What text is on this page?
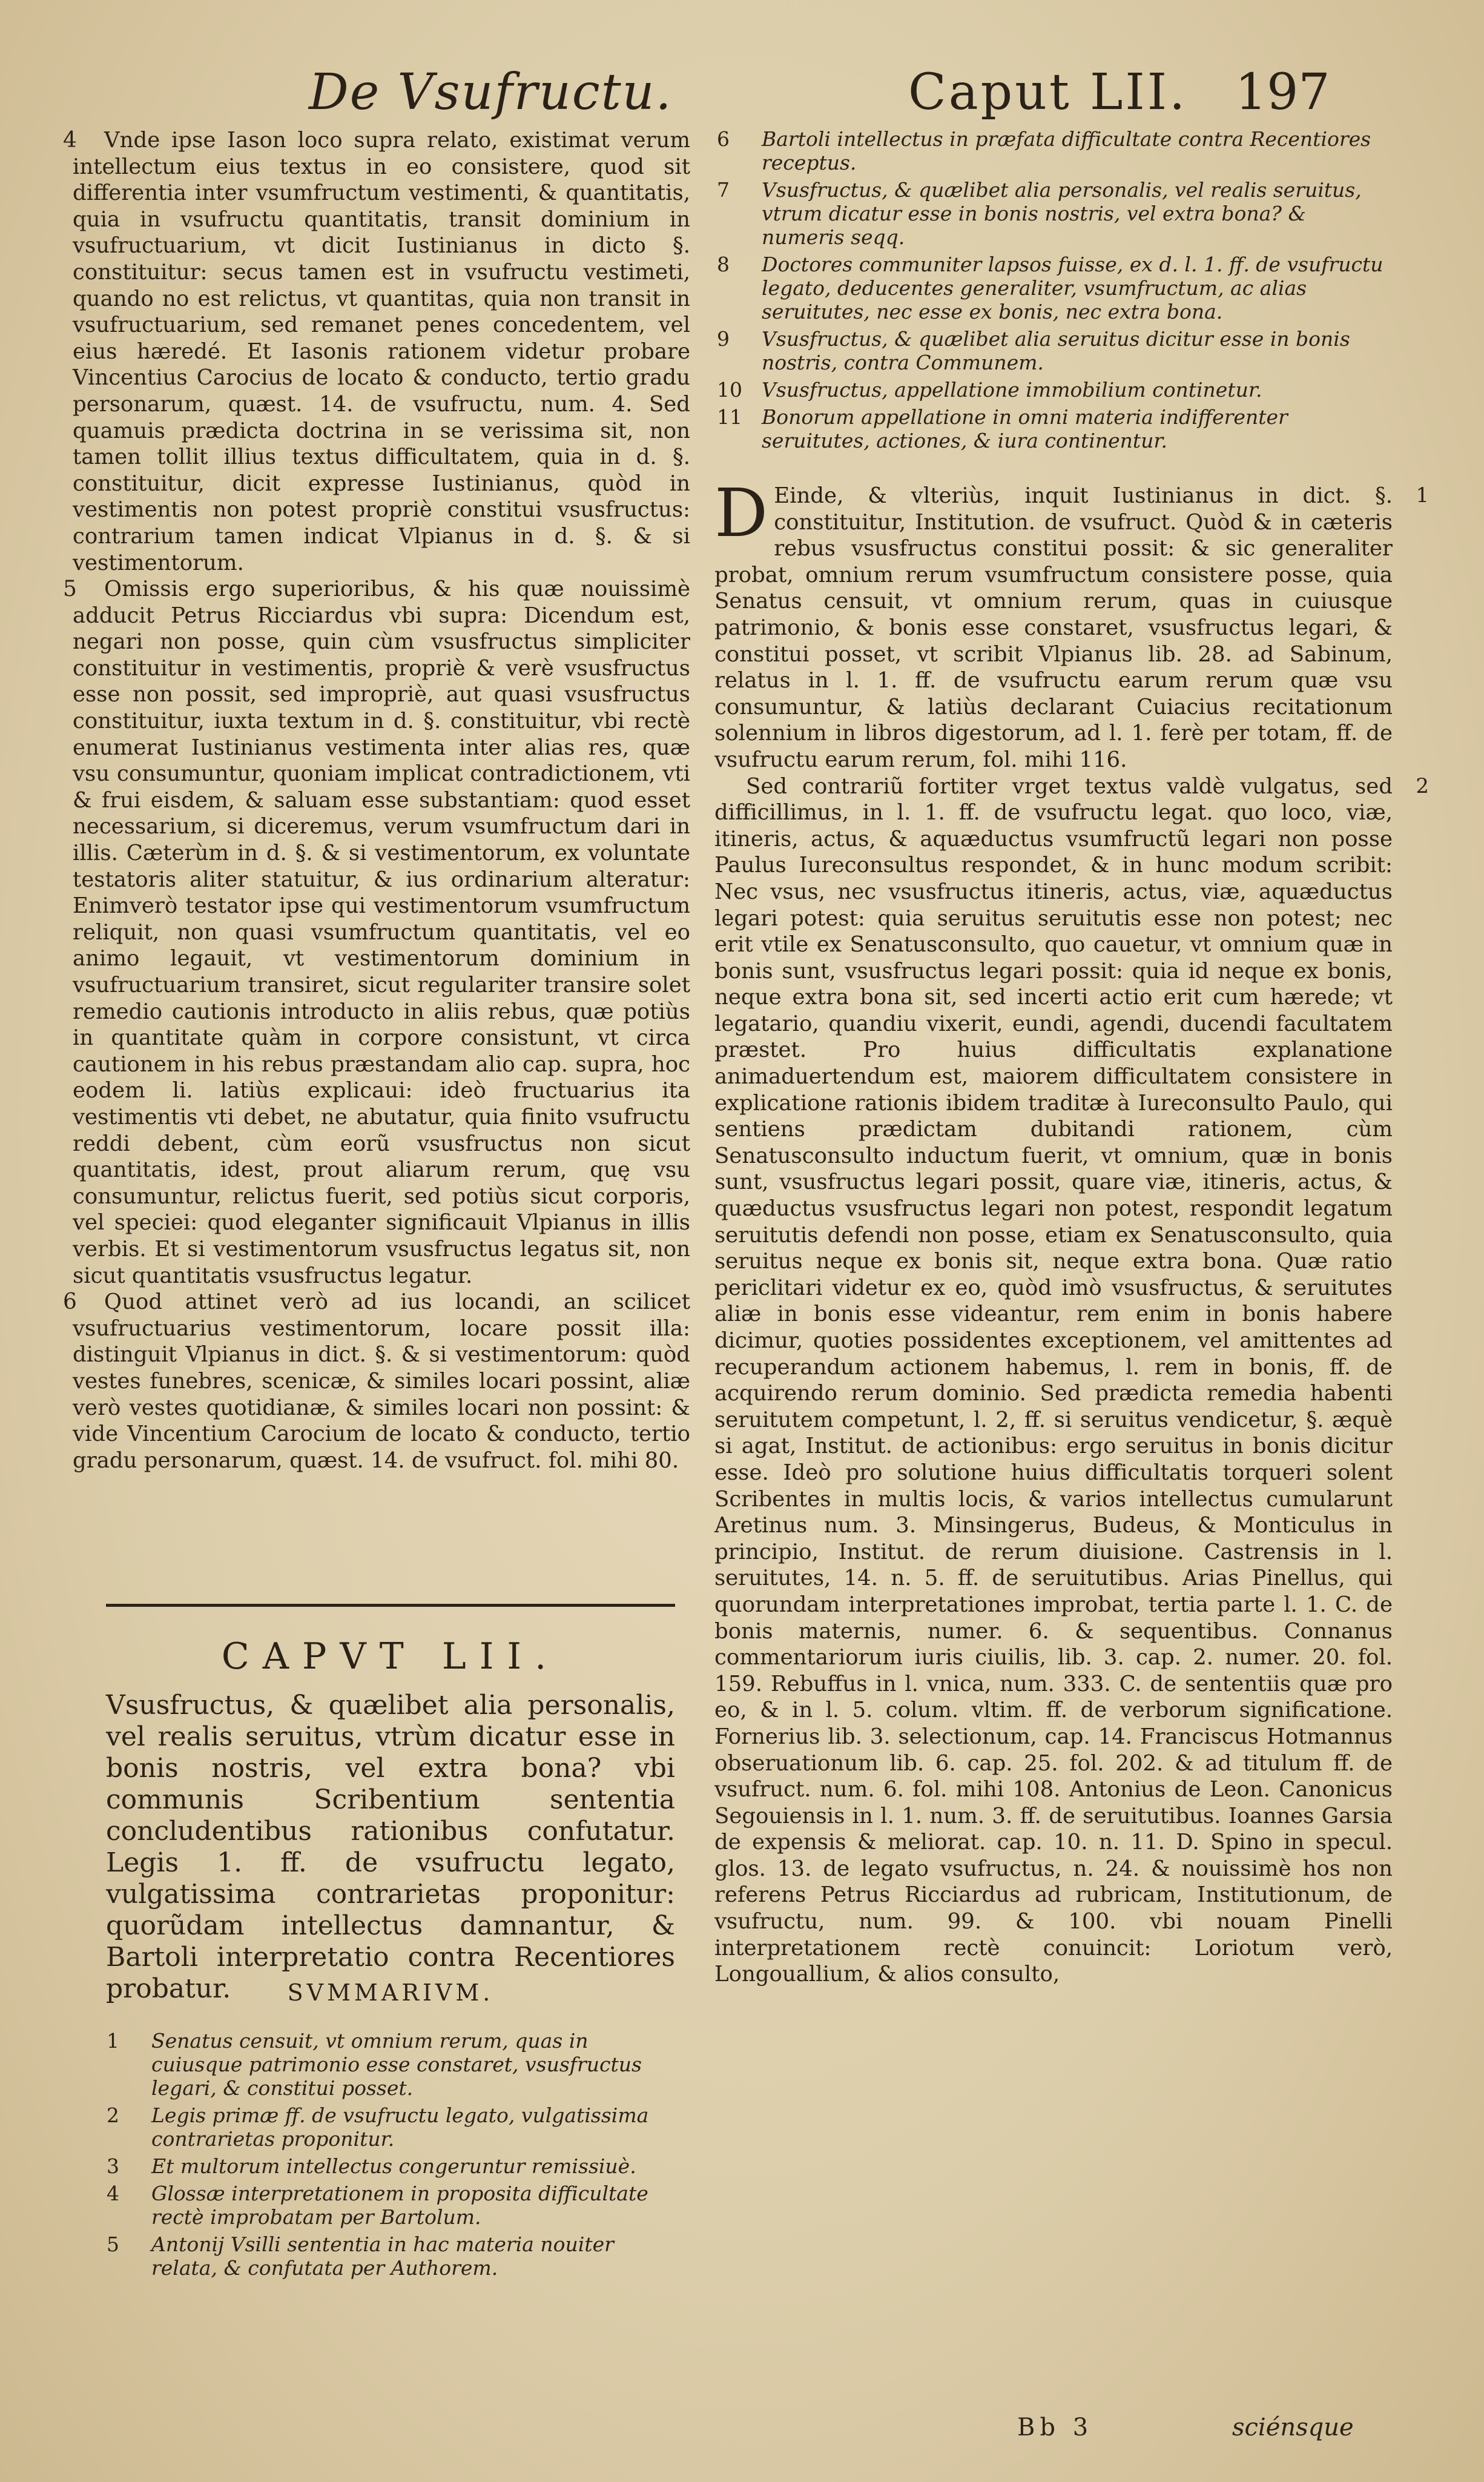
De Vsufructu.	Caput LII. 197
4 Vnde ipse Iason loco supra relato, existimat verum intellectum eius textus in eo consistere, quod sit differentia inter vsumfructum vestimenti, & quantitatis, quia in vsufructu quantitatis, transit dominium in vsufructuarium, vt dicit Iustinianus in dicto §. constituitur: secus tamen est in vsufructu vestimeti, quando no est relictus, vt quantitas, quia non transit in vsufructuarium, sed remanet penes concedentem, vel eius hæredé. Et Iasonis rationem videtur probare Vincentius Carocius de locato & conducto, tertio gradu personarum, quæst. 14. de vsufructu, num. 4. Sed quamuis prædicta doctrina in se verissima sit, non tamen tollit illius textus difficultatem, quia in d. §. constituitur, dicit expresse Iustinianus, quòd in vestimentis non potest propriè constitui vsusfructus: contrarium tamen indicat Vlpianus in d. §. & si vestimentorum.
5 Omissis ergo superioribus, & his quæ nouissimè adducit Petrus Ricciardus vbi supra: Dicendum est, negari non posse, quin cùm vsusfructus simpliciter constituitur in vestimentis, propriè & verè vsusfructus esse non possit, sed impropriè, aut quasi vsusfructus constituitur, iuxta textum in d. §. constituitur, vbi rectè enumerat Iustinianus vestimenta inter alias res, quæ vsu consumuntur, quoniam implicat contradictionem, vti & frui eisdem, & saluam esse substantiam: quod esset necessarium, si diceremus, verum vsumfructum dari in illis. Cæterùm in d. §. & si vestimentorum, ex voluntate testatoris aliter statuitur, & ius ordinarium alteratur: Enimverò testator ipse qui vestimentorum vsumfructum reliquit, non quasi vsumfructum quantitatis, vel eo animo legauit, vt vestimentorum dominium in vsufructuarium transiret, sicut regulariter transire solet remedio cautionis introducto in aliis rebus, quæ potiùs in quantitate quàm in corpore consistunt, vt circa cautionem in his rebus præstandam alio cap. supra, hoc eodem li. latiùs explicaui: ideò fructuarius ita vestimentis vti debet, ne abutatur, quia finito vsufructu reddi debent, cùm eorũ vsusfructus non sicut quantitatis, idest, prout aliarum rerum, quę vsu consumuntur, relictus fuerit, sed potiùs sicut corporis, vel speciei: quod eleganter significauit Vlpianus in illis verbis. Et si vestimentorum vsusfructus legatus sit, non sicut quantitatis vsusfructus legatur.
6 Quod attinet verò ad ius locandi, an scilicet vsufructuarius vestimentorum, locare possit illa: distinguit Vlpianus in dict. §. & si vestimentorum: quòd vestes funebres, scenicæ, & similes locari possint, aliæ verò vestes quotidianæ, & similes locari non possint: & vide Vincentium Carocium de locato & conducto, tertio gradu personarum, quæst. 14. de vsufruct. fol. mihi 80.
CAPVT LII.

Vsusfructus, & quælibet alia personalis, vel realis seruitus, vtrùm dicatur esse in bonis nostris, vel extra bona? vbi communis Scribentium sententia concludentibus rationibus confutatur. Legis 1. ff. de vsufructu legato, vulgatissima contrarietas proponitur: quorũdam intellectus damnantur, & Bartoli interpretatio contra Recentiores probatur.	SVMMARIVM.
1 Senatus censuit, vt omnium rerum, quas in cuiusque patrimonio esse constaret, vsusfructus legari, & constitui posset.
2 Legis primæ ff. de vsufructu legato, vulgatissima contrarietas proponitur.
3 Et multorum intellectus congeruntur remissiuè.
4 Glossæ interpretationem in proposita difficultate rectè improbatam per Bartolum.
5 Antonij Vsilli sententia in hac materia nouiter relata, & confutata per Authorem.
6 Bartoli intellectus in præfata difficultate contra Recentiores receptus.
7 Vsusfructus, & quælibet alia personalis, vel realis seruitus, vtrum dicatur esse in bonis nostris, vel extra bona? & numeris seqq.
8 Doctores communiter lapsos fuisse, ex d. l. 1. ff. de vsufructu legato, deducentes generaliter, vsumfructum, ac alias seruitutes, nec esse ex bonis, nec extra bona.
9 Vsusfructus, & quælibet alia seruitus dicitur esse in bonis nostris, contra Communem.
10 Vsusfructus, appellatione immobilium continetur.
11 Bonorum appellatione in omni materia indifferenter seruitutes, actiones, & iura continentur.
D Einde, & vlteriùs, inquit Iustinianus in dict. §. constituitur, Institution. de vsufruct. Quòd & in cæteris rebus vsusfructus constitui possit: & sic generaliter probat, omnium rerum vsumfructum consistere posse, quia Senatus censuit, vt omnium rerum, quas in cuiusque patrimonio, & bonis esse constaret, vsusfructus legari, & constitui posset, vt scribit Vlpianus lib. 28. ad Sabinum, relatus in l. 1. ff. de vsufructu earum rerum quæ vsu consumuntur, & latiùs declarant Cuiacius recitationum solennium in libros digestorum, ad l. 1. ferè per totam, ff. de vsufructu earum rerum, fol. mihi 116.
1
Sed contrariũ fortiter vrget textus valdè vulgatus, sed difficillimus, in l. 1. ff. de vsufructu legat. quo loco, viæ, itineris, actus, & aquæductus vsumfructũ legari non posse Paulus Iureconsultus respondet, & in hunc modum scribit: Nec vsus, nec vsusfructus itineris, actus, viæ, aquæductus legari potest: quia seruitus seruitutis esse non potest; nec erit vtile ex Senatusconsulto, quo cauetur, vt omnium quæ in bonis sunt, vsusfructus legari possit: quia id neque ex bonis, neque extra bona sit, sed incerti actio erit cum hærede; vt legatario, quandiu vixerit, eundi, agendi, ducendi facultatem præstet. Pro huius difficultatis explanatione animaduertendum est, maiorem difficultatem consistere in explicatione rationis ibidem traditæ à Iureconsulto Paulo, qui sentiens prædictam dubitandi rationem, cùm Senatusconsulto inductum fuerit, vt omnium, quæ in bonis sunt, vsusfructus legari possit, quare viæ, itineris, actus, & quæductus vsusfructus legari non potest, respondit legatum seruitutis defendi non posse, etiam ex Senatusconsulto, quia seruitus neque ex bonis sit, neque extra bona. Quæ ratio periclitari videtur ex eo, quòd imò vsusfructus, & seruitutes aliæ in bonis esse videantur, rem enim in bonis habere dicimur, quoties possidentes exceptionem, vel amittentes ad recuperandum actionem habemus, l. rem in bonis, ff. de acquirendo rerum dominio. Sed prædicta remedia habenti seruitutem competunt, l. 2, ff. si seruitus vendicetur, §. æquè si agat, Institut. de actionibus: ergo seruitus in bonis dicitur esse. Ideò pro solutione huius difficultatis torqueri solent Scribentes in multis locis, & varios intellectus cumularunt Aretinus num. 3. Minsingerus, Budeus, & Monticulus in principio, Institut. de rerum diuisione. Castrensis in l. seruitutes, 14. n. 5. ff. de seruitutibus. Arias Pinellus, qui quorundam interpretationes improbat, tertia parte l. 1. C. de bonis maternis, numer. 6. & sequentibus. Connanus commentariorum iuris ciuilis, lib. 3. cap. 2. numer. 20. fol. 159. Rebuffus in l. vnica, num. 333. C. de sententiis quæ pro eo, & in l. 5. colum. vltim. ff. de verborum significatione. Fornerius lib. 3. selectionum, cap. 14. Franciscus Hotmannus obseruationum lib. 6. cap. 25. fol. 202. & ad titulum ff. de vsufruct. num. 6. fol. mihi 108. Antonius de Leon. Canonicus Segouiensis in l. 1. num. 3. ff. de seruitutibus. Ioannes Garsia de expensis & meliorat. cap. 10. n. 11. D. Spino in specul. glos. 13. de legato vsufructus, n. 24. & nouissimè hos non referens Petrus Ricciardus ad rubricam, Institutionum, de vsufructu, num. 99. & 100. vbi nouam Pinelli interpretationem rectè conuincit: Loriotum verò, Longouallium, & alios consulto,
2
Bb 3	sciénsque
